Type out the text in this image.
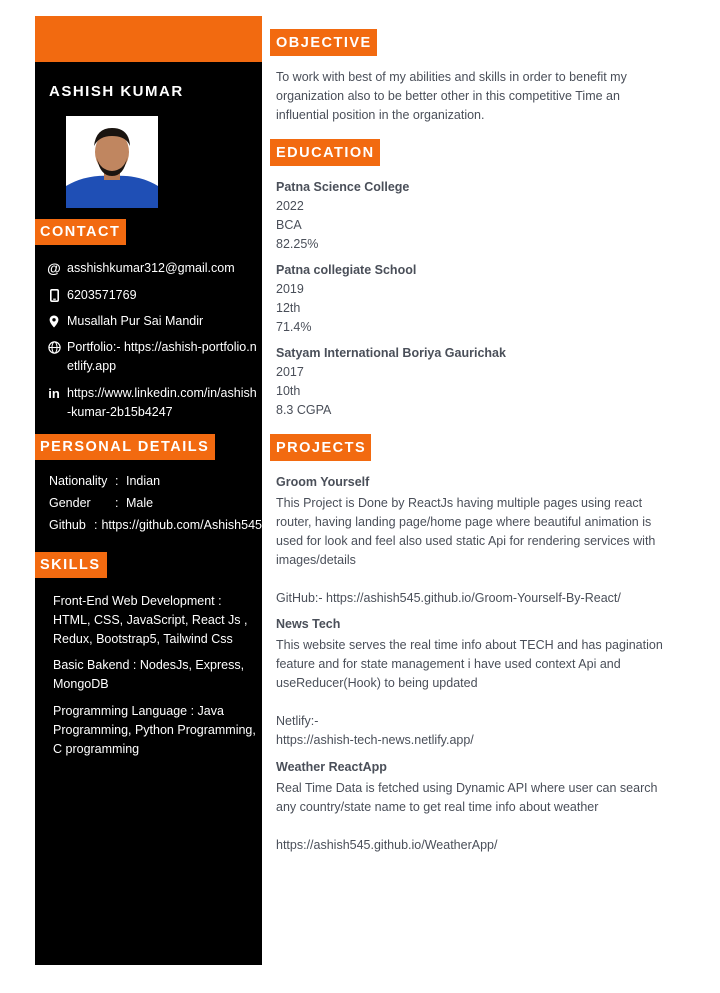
ASHISH KUMAR
CONTACT
@ asshishkumar312@gmail.com
6203571769
Musallah Pur Sai Mandir
Portfolio:- https://ashish-portfolio.netlify.app
in https://www.linkedin.com/in/ashish-kumar-2b15b4247
PERSONAL DETAILS
Nationality : Indian
Gender	: Male
Github : https://github.com/Ashish545
SKILLS
Front-End Web Development : HTML, CSS, JavaScript, React Js , Redux, Bootstrap5, Tailwind Css
Basic Bakend : NodesJs, Express, MongoDB
Programming Language : Java Programming, Python Programming, C programming
OBJECTIVE
To work with best of my abilities and skills in order to benefit my organization also to be better other in this competitive Time an influential position in the organization.
EDUCATION
Patna Science College
2022
BCA
82.25%
Patna collegiate School
2019
12th
71.4%
Satyam International Boriya Gaurichak
2017
10th
8.3 CGPA
PROJECTS
Groom Yourself
This Project is Done by ReactJs having multiple pages using react router, having landing page/home page where beautiful animation is used for look and feel also used static Api for rendering services with images/details
GitHub:- https://ashish545.github.io/Groom-Yourself-By-React/
News Tech
This website serves the real time info about TECH and has pagination feature and for state management i have used context Api and useReducer(Hook) to being updated
Netlify:-
https://ashish-tech-news.netlify.app/
Weather ReactApp
Real Time Data is fetched using Dynamic API where user can search any country/state name to get real time info about weather
https://ashish545.github.io/WeatherApp/
